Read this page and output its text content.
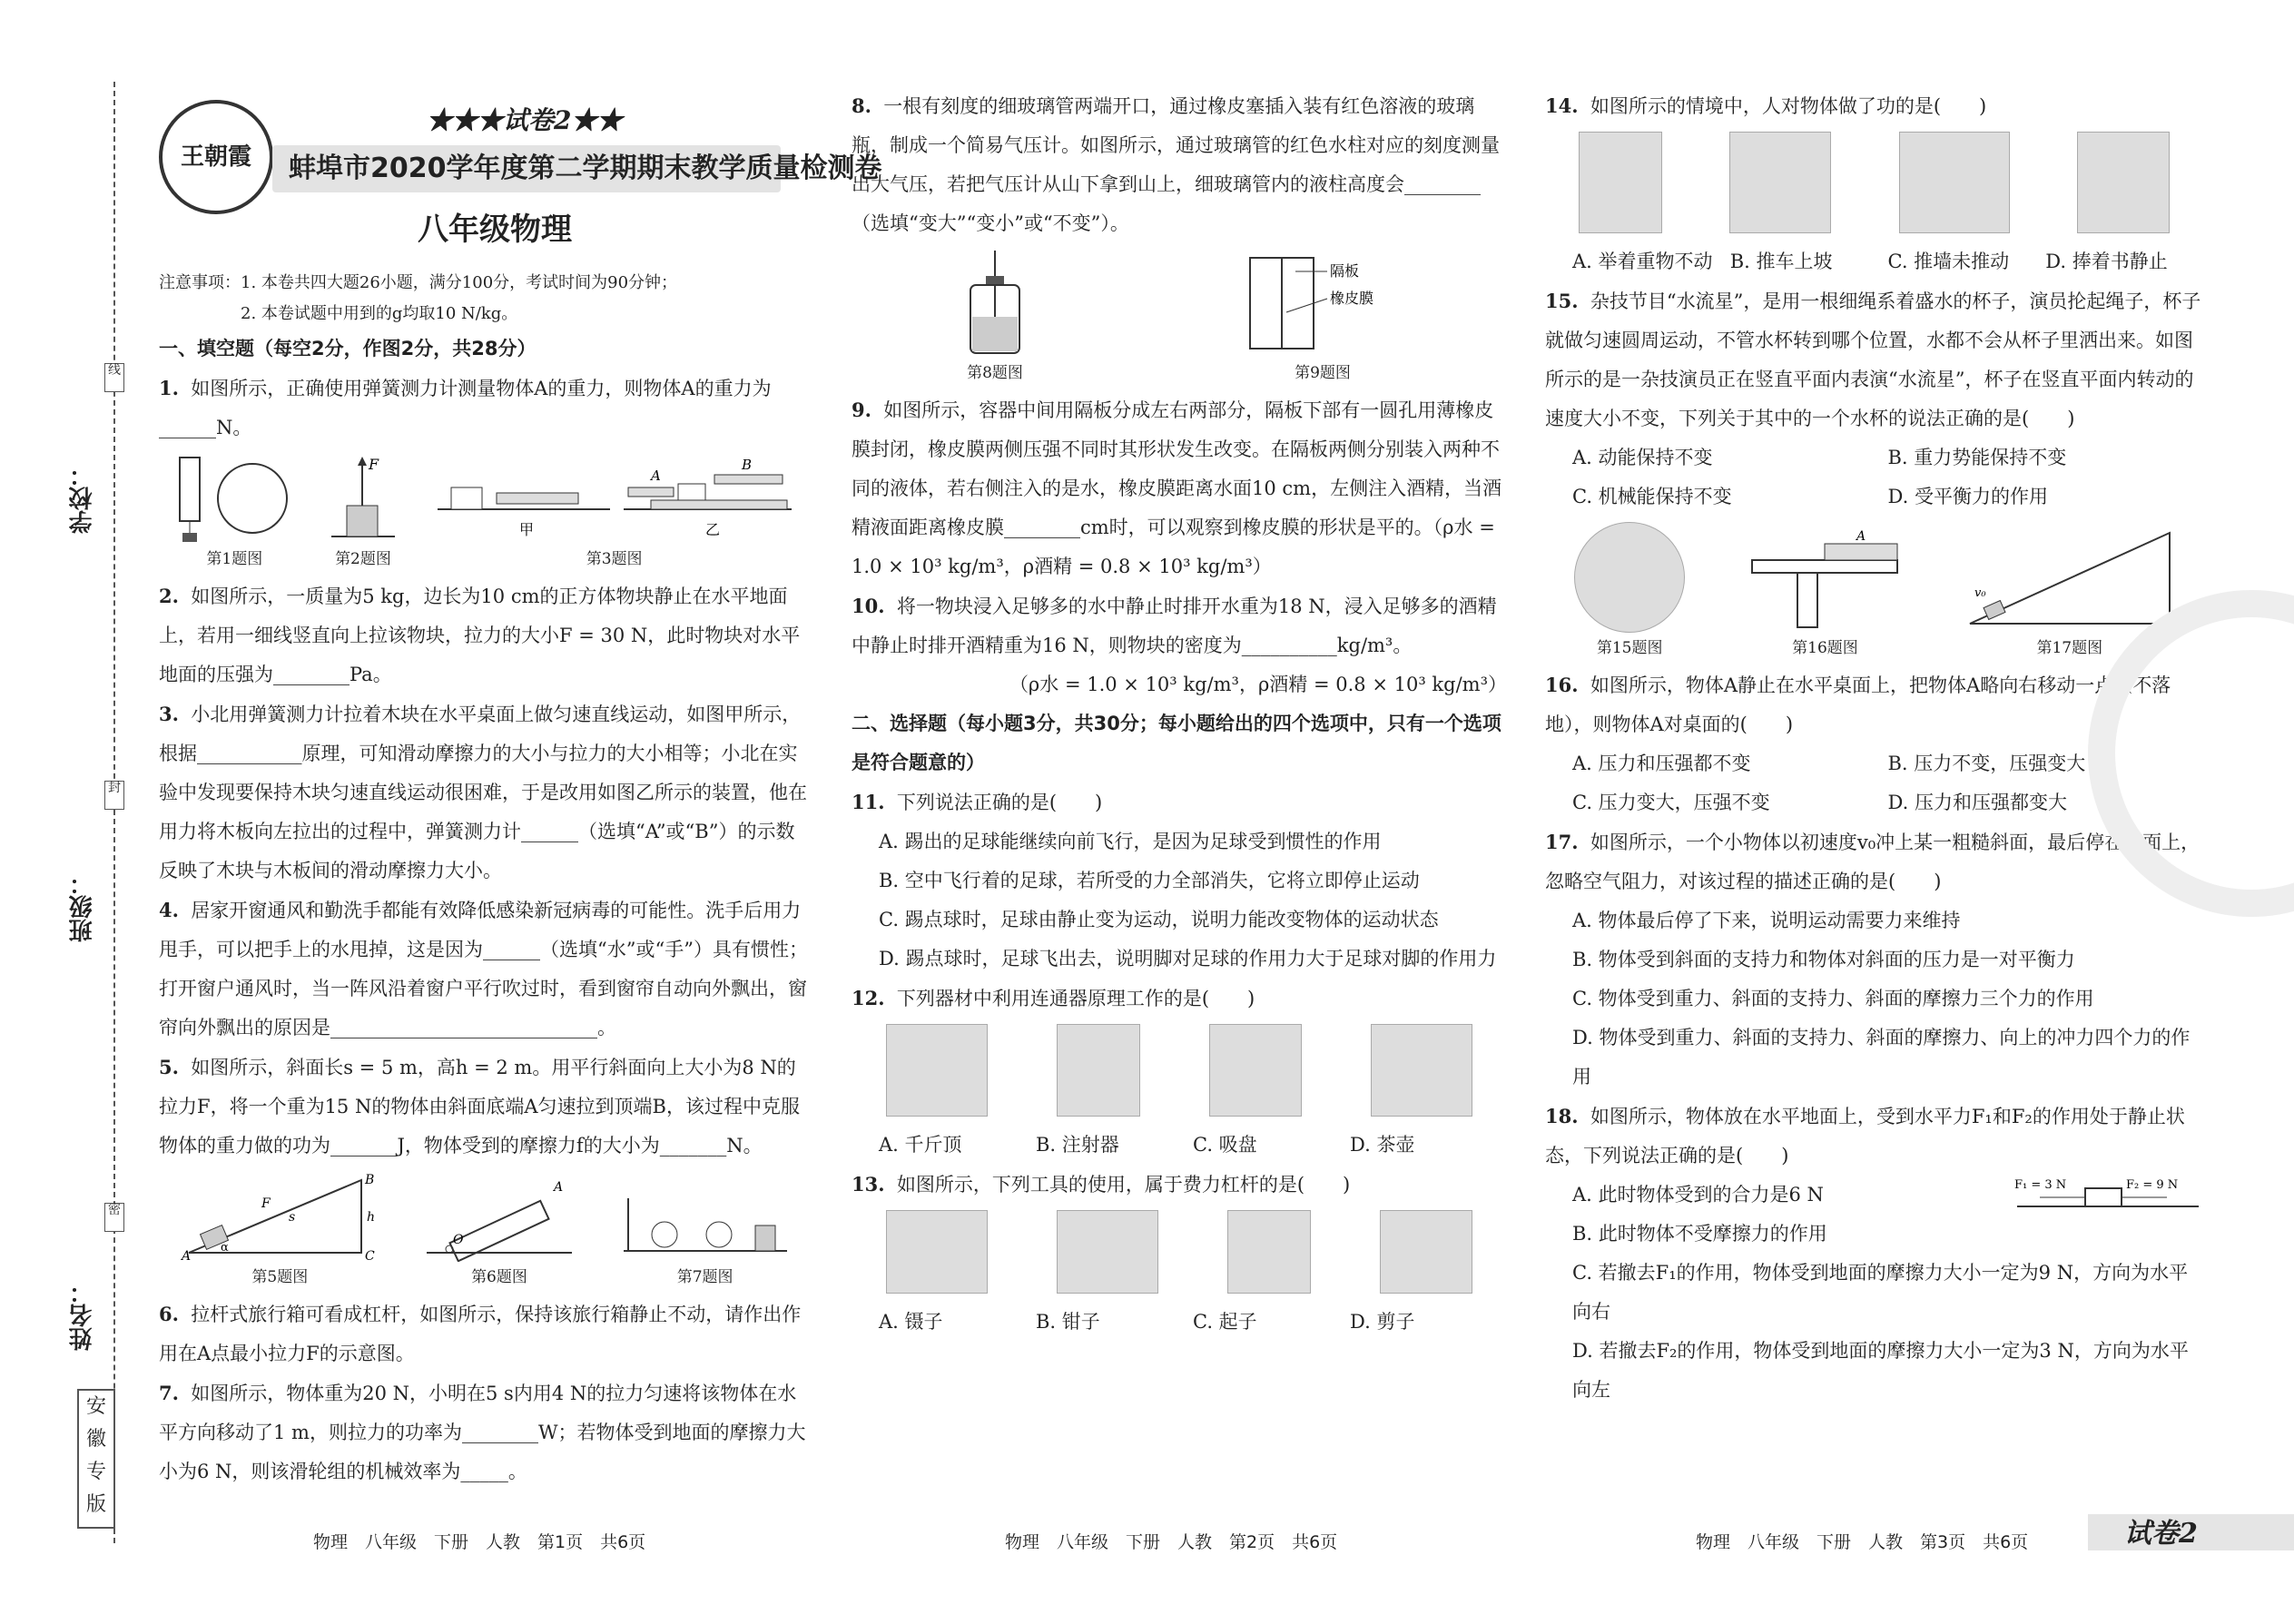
线
封
密
学校：
班级：
姓名：
安徽专版
王朝霞
★★★试卷2★★
蚌埠市2020学年度第二学期期末教学质量检测卷
八年级物理
注意事项：1. 本卷共四大题26小题，满分100分，考试时间为90分钟；
2. 本卷试题中用到的g均取10 N/kg。
一、填空题（每空2分，作图2分，共28分）

1. 如图所示，正确使用弹簧测力计测量物体A的重力，则物体A的重力为______N。

第1题图
F
第2题图
A
B
甲	乙
第3题图

2. 如图所示，一质量为5 kg，边长为10 cm的正方体物块静止在水平地面上，若用一细线竖直向上拉该物块，拉力的大小F = 30 N，此时物块对水平地面的压强为________Pa。

3. 小北用弹簧测力计拉着木块在水平桌面上做匀速直线运动，如图甲所示，根据___________原理，可知滑动摩擦力的大小与拉力的大小相等；小北在实验中发现要保持木块匀速直线运动很困难，于是改用如图乙所示的装置，他在用力将木板向左拉出的过程中，弹簧测力计______（选填“A”或“B”）的示数反映了木块与木板间的滑动摩擦力大小。

4. 居家开窗通风和勤洗手都能有效降低感染新冠病毒的可能性。洗手后用力甩手，可以把手上的水甩掉，这是因为______（选填“水”或“手”）具有惯性；打开窗户通风时，当一阵风沿着窗户平行吹过时，看到窗帘自动向外飘出，窗帘向外飘出的原因是____________________________。

5. 如图所示，斜面长s = 5 m，高h = 2 m。用平行斜面向上大小为8 N的拉力F，将一个重为15 N的物体由斜面底端A匀速拉到顶端B，该过程中克服物体的重力做的功为_______J，物体受到的摩擦力f的大小为_______N。

A
B
C
F
s	h
α
第5题图
O
A
第6题图	第7题图

6. 拉杆式旅行箱可看成杠杆，如图所示，保持该旅行箱静止不动，请作出作用在A点最小拉力F的示意图。

7. 如图所示，物体重为20 N，小明在5 s内用4 N的拉力匀速将该物体在水平方向移动了1 m，则拉力的功率为________W；若物体受到地面的摩擦力大小为6 N，则该滑轮组的机械效率为_____。

8. 一根有刻度的细玻璃管两端开口，通过橡皮塞插入装有红色溶液的玻璃瓶，制成一个简易气压计。如图所示，通过玻璃管的红色水柱对应的刻度测量出大气压，若把气压计从山下拿到山上，细玻璃管内的液柱高度会________（选填“变大”“变小”或“不变”）。

第8题图
隔板
橡皮膜
第9题图

9. 如图所示，容器中间用隔板分成左右两部分，隔板下部有一圆孔用薄橡皮膜封闭，橡皮膜两侧压强不同时其形状发生改变。在隔板两侧分别装入两种不同的液体，若右侧注入的是水，橡皮膜距离水面10 cm，左侧注入酒精，当酒精液面距离橡皮膜________cm时，可以观察到橡皮膜的形状是平的。（ρ水 = 1.0 × 10³ kg/m³，ρ酒精 = 0.8 × 10³ kg/m³）

10. 将一物块浸入足够多的水中静止时排开水重为18 N，浸入足够多的酒精中静止时排开酒精重为16 N，则物块的密度为__________kg/m³。

（ρ水 = 1.0 × 10³ kg/m³，ρ酒精 = 0.8 × 10³ kg/m³）
二、选择题（每小题3分，共30分；每小题给出的四个选项中，只有一个选项是符合题意的）

11. 下列说法正确的是(　　)

A. 踢出的足球能继续向前飞行，是因为足球受到惯性的作用
B. 空中飞行着的足球，若所受的力全部消失，它将立即停止运动
C. 踢点球时，足球由静止变为运动，说明力能改变物体的运动状态
D. 踢点球时，足球飞出去，说明脚对足球的作用力大于足球对脚的作用力

12. 下列器材中利用连通器原理工作的是(　　)

A. 千斤顶	B. 注射器	C. 吸盘	D. 茶壶

13. 如图所示，下列工具的使用，属于费力杠杆的是(　　)

A. 镊子	B. 钳子	C. 起子	D. 剪子

14. 如图所示的情境中，人对物体做了功的是(　　)

A. 举着重物不动 B. 推车上坡	C. 推墙未推动	D. 捧着书静止

15. 杂技节目“水流星”，是用一根细绳系着盛水的杯子，演员抡起绳子，杯子就做匀速圆周运动，不管水杯转到哪个位置，水都不会从杯子里洒出来。如图所示的是一杂技演员正在竖直平面内表演“水流星”，杯子在竖直平面内转动的速度大小不变，下列关于其中的一个水杯的说法正确的是(　　)

A. 动能保持不变	B. 重力势能保持不变
C. 机械能保持不变	D. 受平衡力的作用
第15题图
A
第16题图
v₀
第17题图

16. 如图所示，物体A静止在水平桌面上，把物体A略向右移动一点（不落地），则物体A对桌面的(　　)

A. 压力和压强都不变	B. 压力不变，压强变大
C. 压力变大，压强不变	D. 压力和压强都变大

17. 如图所示，一个小物体以初速度v₀冲上某一粗糙斜面，最后停在斜面上，忽略空气阻力，对该过程的描述正确的是(　　)

A. 物体最后停了下来，说明运动需要力来维持
B. 物体受到斜面的支持力和物体对斜面的压力是一对平衡力
C. 物体受到重力、斜面的支持力、斜面的摩擦力三个力的作用
D. 物体受到重力、斜面的支持力、斜面的摩擦力、向上的冲力四个力的作用

18. 如图所示，物体放在水平地面上，受到水平力F₁和F₂的作用处于静止状态，下列说法正确的是(　　)

F₁ = 3 N	F₂ = 9 N
A. 此时物体受到的合力是6 N
B. 此时物体不受摩擦力的作用
C. 若撤去F₁的作用，物体受到地面的摩擦力大小一定为9 N，方向为水平向右
D. 若撤去F₂的作用，物体受到地面的摩擦力大小一定为3 N，方向为水平向左
物理　八年级　下册　人教　第1页　共6页	物理　八年级　下册　人教　第2页　共6页	物理　八年级　下册　人教　第3页　共6页	试卷2
